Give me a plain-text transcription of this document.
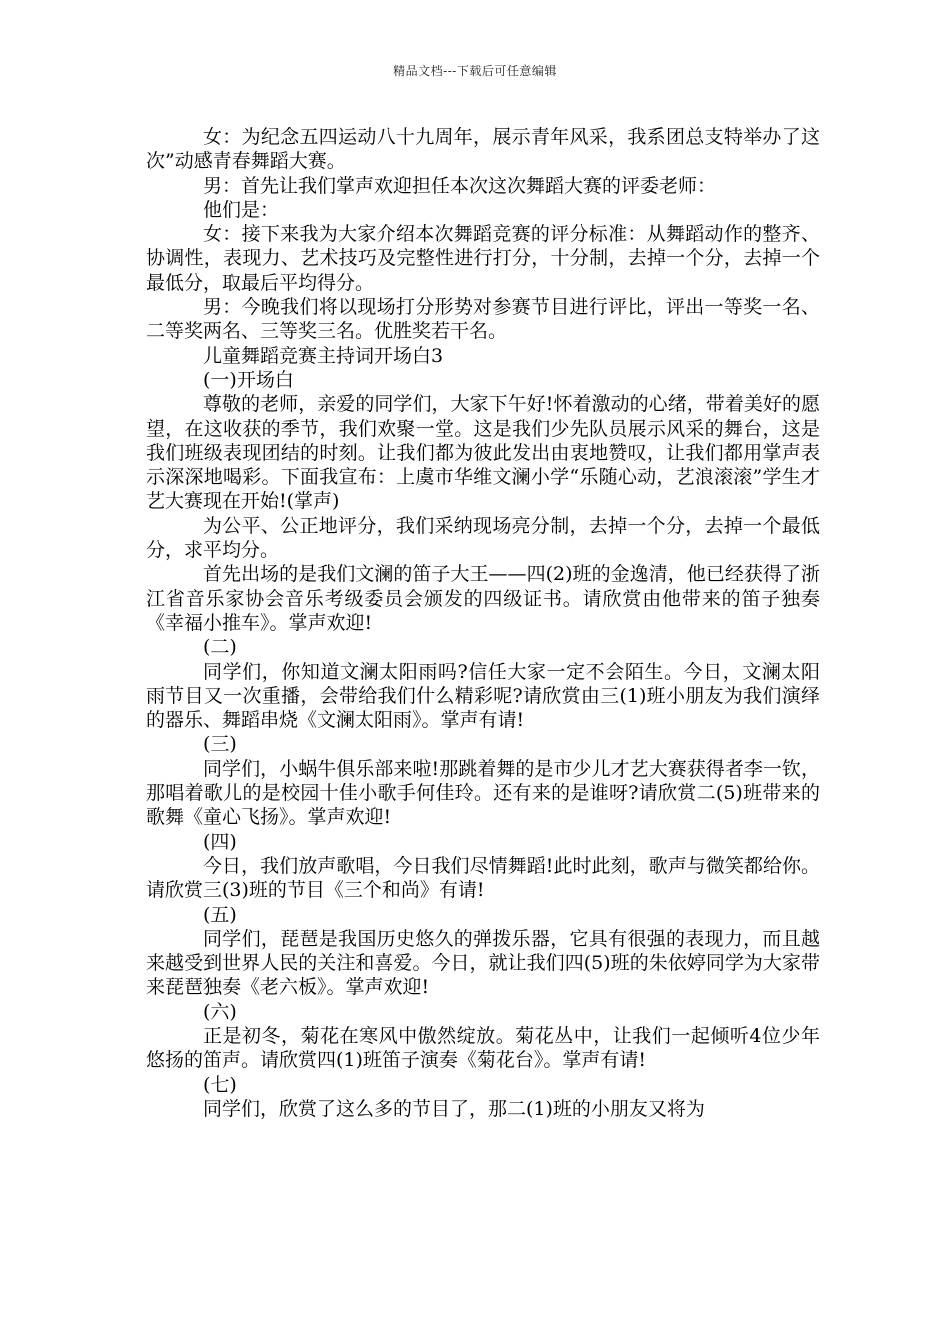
精品文档---下载后可任意编辑

女：为纪念五四运动八十九周年，展示青年风采，我系团总支特举办了这次”动感青春舞蹈大赛。

男：首先让我们掌声欢迎担任本次这次舞蹈大赛的评委老师：

他们是：

女：接下来我为大家介绍本次舞蹈竞赛的评分标准：从舞蹈动作的整齐、协调性，表现力、艺术技巧及完整性进行打分，十分制，去掉一个分，去掉一个最低分，取最后平均得分。

男：今晚我们将以现场打分形势对参赛节目进行评比，评出一等奖一名、二等奖两名、三等奖三名。优胜奖若干名。

儿童舞蹈竞赛主持词开场白3

(一)开场白

尊敬的老师，亲爱的同学们，大家下午好!怀着激动的心绪，带着美好的愿望，在这收获的季节，我们欢聚一堂。这是我们少先队员展示风采的舞台，这是我们班级表现团结的时刻。让我们都为彼此发出由衷地赞叹，让我们都用掌声表示深深地喝彩。下面我宣布：上虞市华维文澜小学“乐随心动，艺浪滚滚”学生才艺大赛现在开始!(掌声)

为公平、公正地评分，我们采纳现场亮分制，去掉一个分，去掉一个最低分，求平均分。

首先出场的是我们文澜的笛子大王——四(2)班的金逸清，他已经获得了浙江省音乐家协会音乐考级委员会颁发的四级证书。请欣赏由他带来的笛子独奏《幸福小推车》。掌声欢迎!

(二)

同学们，你知道文澜太阳雨吗?信任大家一定不会陌生。今日，文澜太阳雨节目又一次重播，会带给我们什么精彩呢?请欣赏由三(1)班小朋友为我们演绎的器乐、舞蹈串烧《文澜太阳雨》。掌声有请!

(三)

同学们，小蜗牛俱乐部来啦!那跳着舞的是市少儿才艺大赛获得者李一钦，那唱着歌儿的是校园十佳小歌手何佳玲。还有来的是谁呀?请欣赏二(5)班带来的歌舞《童心飞扬》。掌声欢迎!

(四)

今日，我们放声歌唱，今日我们尽情舞蹈!此时此刻，歌声与微笑都给你。请欣赏三(3)班的节目《三个和尚》有请!

(五)

同学们，琵琶是我国历史悠久的弹拨乐器，它具有很强的表现力，而且越来越受到世界人民的关注和喜爱。今日，就让我们四(5)班的朱依婷同学为大家带来琵琶独奏《老六板》。掌声欢迎!

(六)

正是初冬，菊花在寒风中傲然绽放。菊花丛中，让我们一起倾听4位少年悠扬的笛声。请欣赏四(1)班笛子演奏《菊花台》。掌声有请!

(七)

同学们，欣赏了这么多的节目了，那二(1)班的小朋友又将为
